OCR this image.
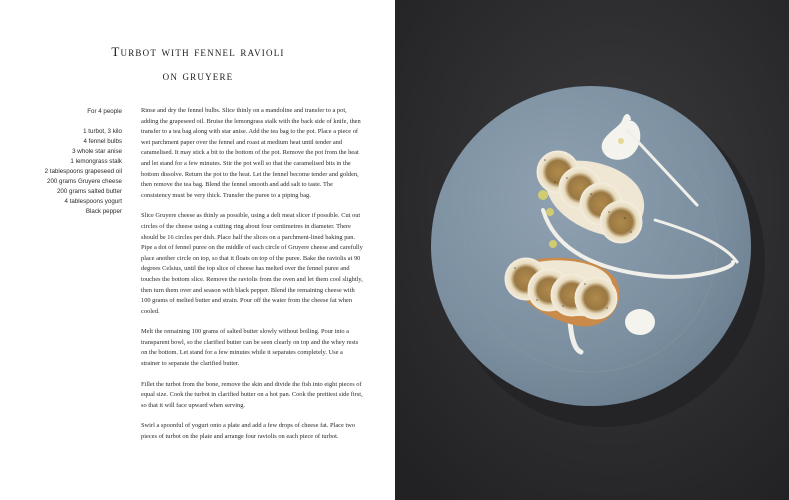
Turbot with fennel ravioli
on gruyere
For 4 people
1 turbot, 3 kilo
4 fennel bulbs
3 whole star anise
1 lemongrass stalk
2 tablespoons grapeseed oil
200 grams Gruyere cheese
200 grams salted butter
4 tablespoons yogurt
Black pepper

Rinse and dry the fennel bulbs. Slice thinly on a mandoline and transfer to a pot, adding the grapeseed oil. Bruise the lemongrass stalk with the back side of knife, then transfer to a tea bag along with star anise. Add the tea bag to the pot. Place a piece of wet parchment paper over the fennel and roast at medium heat until tender and caramelised. It may stick a bit to the bottom of the pot. Remove the pot from the heat and let stand for a few minutes. Stir the pot well so that the caramelised bits in the bottom dissolve. Return the pot to the heat. Let the fennel become tender and golden, then remove the tea bag. Blend the fennel smooth and add salt to taste. The consistency must be very thick. Transfer the puree to a piping bag.

Slice Gruyere cheese as thinly as possible, using a deli meat slicer if possible. Cut out circles of the cheese using a cutting ring about four centimetres in diameter. There should be 16 circles per dish. Place half the slices on a parchment-lined baking pan. Pipe a dot of fennel puree on the middle of each circle of Gruyere cheese and carefully place another circle on top, so that it floats on top of the puree. Bake the raviolis at 90 degrees Celsius, until the top slice of cheese has melted over the fennel puree and touches the bottom slice. Remove the raviolis from the oven and let them cool slightly, then turn them over and season with black pepper. Blend the remaining cheese with 100 grams of melted butter and strain. Pour off the water from the cheese fat when cooled.

Melt the remaining 100 grams of salted butter slowly without boiling. Pour into a transparent bowl, so the clarified butter can be seen clearly on top and the whey rests on the bottom. Let stand for a few minutes while it separates completely. Use a strainer to separate the clarified butter.

Fillet the turbot from the bone, remove the skin and divide the fish into eight pieces of equal size. Cook the turbot in clarified butter on a hot pan. Cook the prettiest side first, so that it will face upward when serving.

Swirl a spoonful of yogurt onto a plate and add a few drops of cheese fat. Place two pieces of turbot on the plate and arrange four raviolis on each piece of turbot.
